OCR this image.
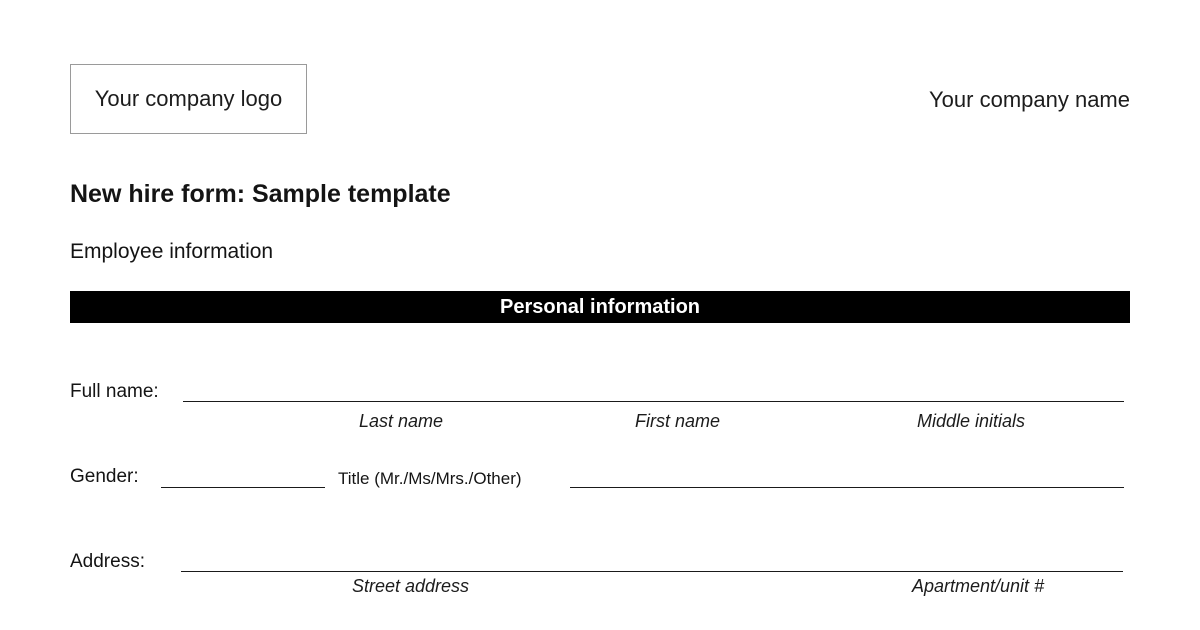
Your company logo	Your company name
New hire form: Sample template
Employee information
Personal information
Full name:
Last name	First name	Middle initials
Gender:	Title (Mr./Ms/Mrs./Other)
Address:
Street address	Apartment/unit #
